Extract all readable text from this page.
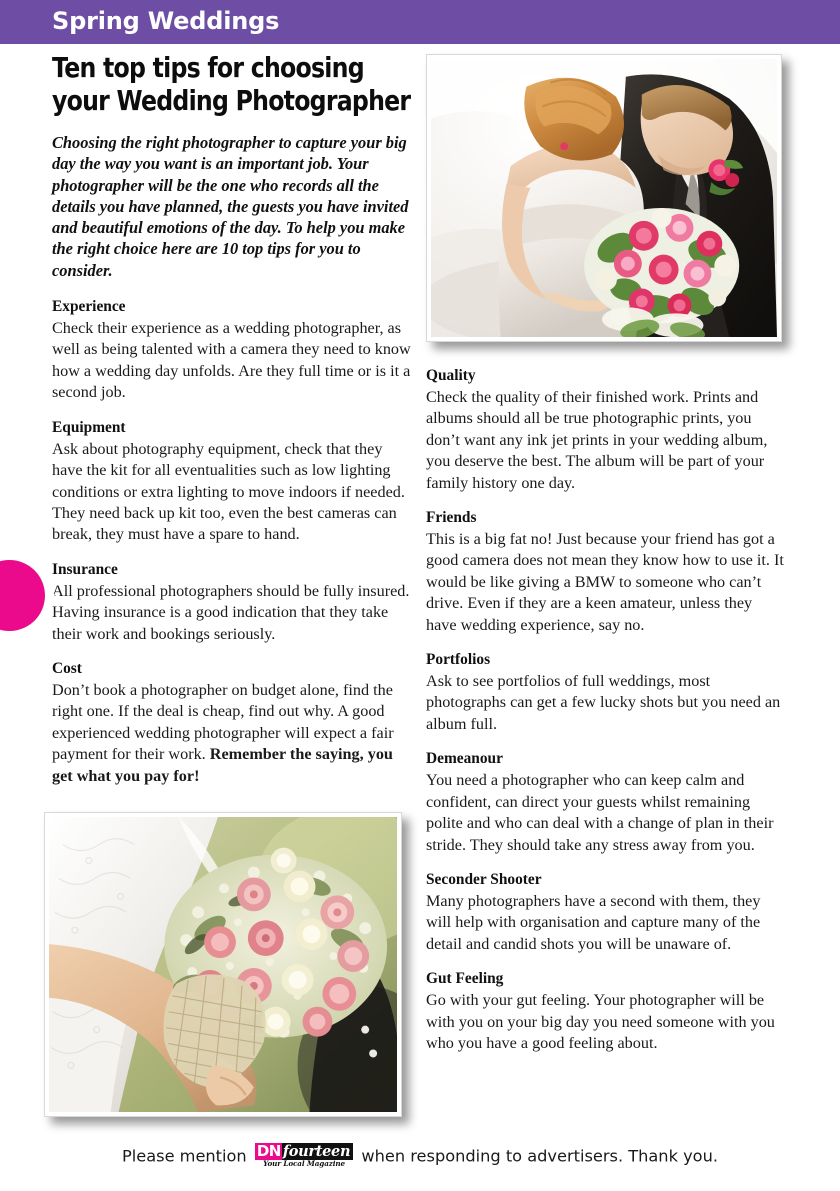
Spring Weddings
Ten top tips for choosing
your Wedding Photographer

Choosing the right photographer to capture your big day the way you want is an important job. Your photographer will be the one who records all the details you have planned, the guests you have invited and beautiful emotions of the day. To help you make the right choice here are 10 top tips for you to consider.

Experience

Check their experience as a wedding photographer, as well as being talented with a camera they need to know how a wedding day unfolds. Are they full time or is it a second job.

Equipment

Ask about photography equipment, check that they have the kit for all eventualities such as low lighting conditions or extra lighting to move indoors if needed. They need back up kit too, even the best cameras can break, they must have a spare to hand.

Insurance

All professional photographers should be fully insured. Having insurance is a good indication that they take their work and bookings seriously.

Cost

Don’t book a photographer on budget alone, find the right one. If the deal is cheap, find out why. A good experienced wedding photographer will expect a fair payment for their work. Remember the saying, you get what you pay for!

6
Quality

Check the quality of their finished work. Prints and albums should all be true photographic prints, you don’t want any ink jet prints in your wedding album, you deserve the best. The album will be part of your family history one day.

Friends

This is a big fat no! Just because your friend has got a good camera does not mean they know how to use it. It would be like giving a BMW to someone who can’t drive. Even if they are a keen amateur, unless they have wedding experience, say no.

Portfolios

Ask to see portfolios of full weddings, most photographs can get a few lucky shots but you need an album full.

Demeanour

You need a photographer who can keep calm and confident, can direct your guests whilst remaining polite and who can deal with a change of plan in their stride. They should take any stress away from you.

Seconder Shooter

Many photographers have a second with them, they will help with organisation and capture many of the detail and candid shots you will be unaware of.

Gut Feeling

Go with your gut feeling. Your photographer will be with you on your big day you need someone with you who you have a good feeling about.

Please mention DN fourteen
Your Local Magazine	when responding to advertisers. Thank you.
